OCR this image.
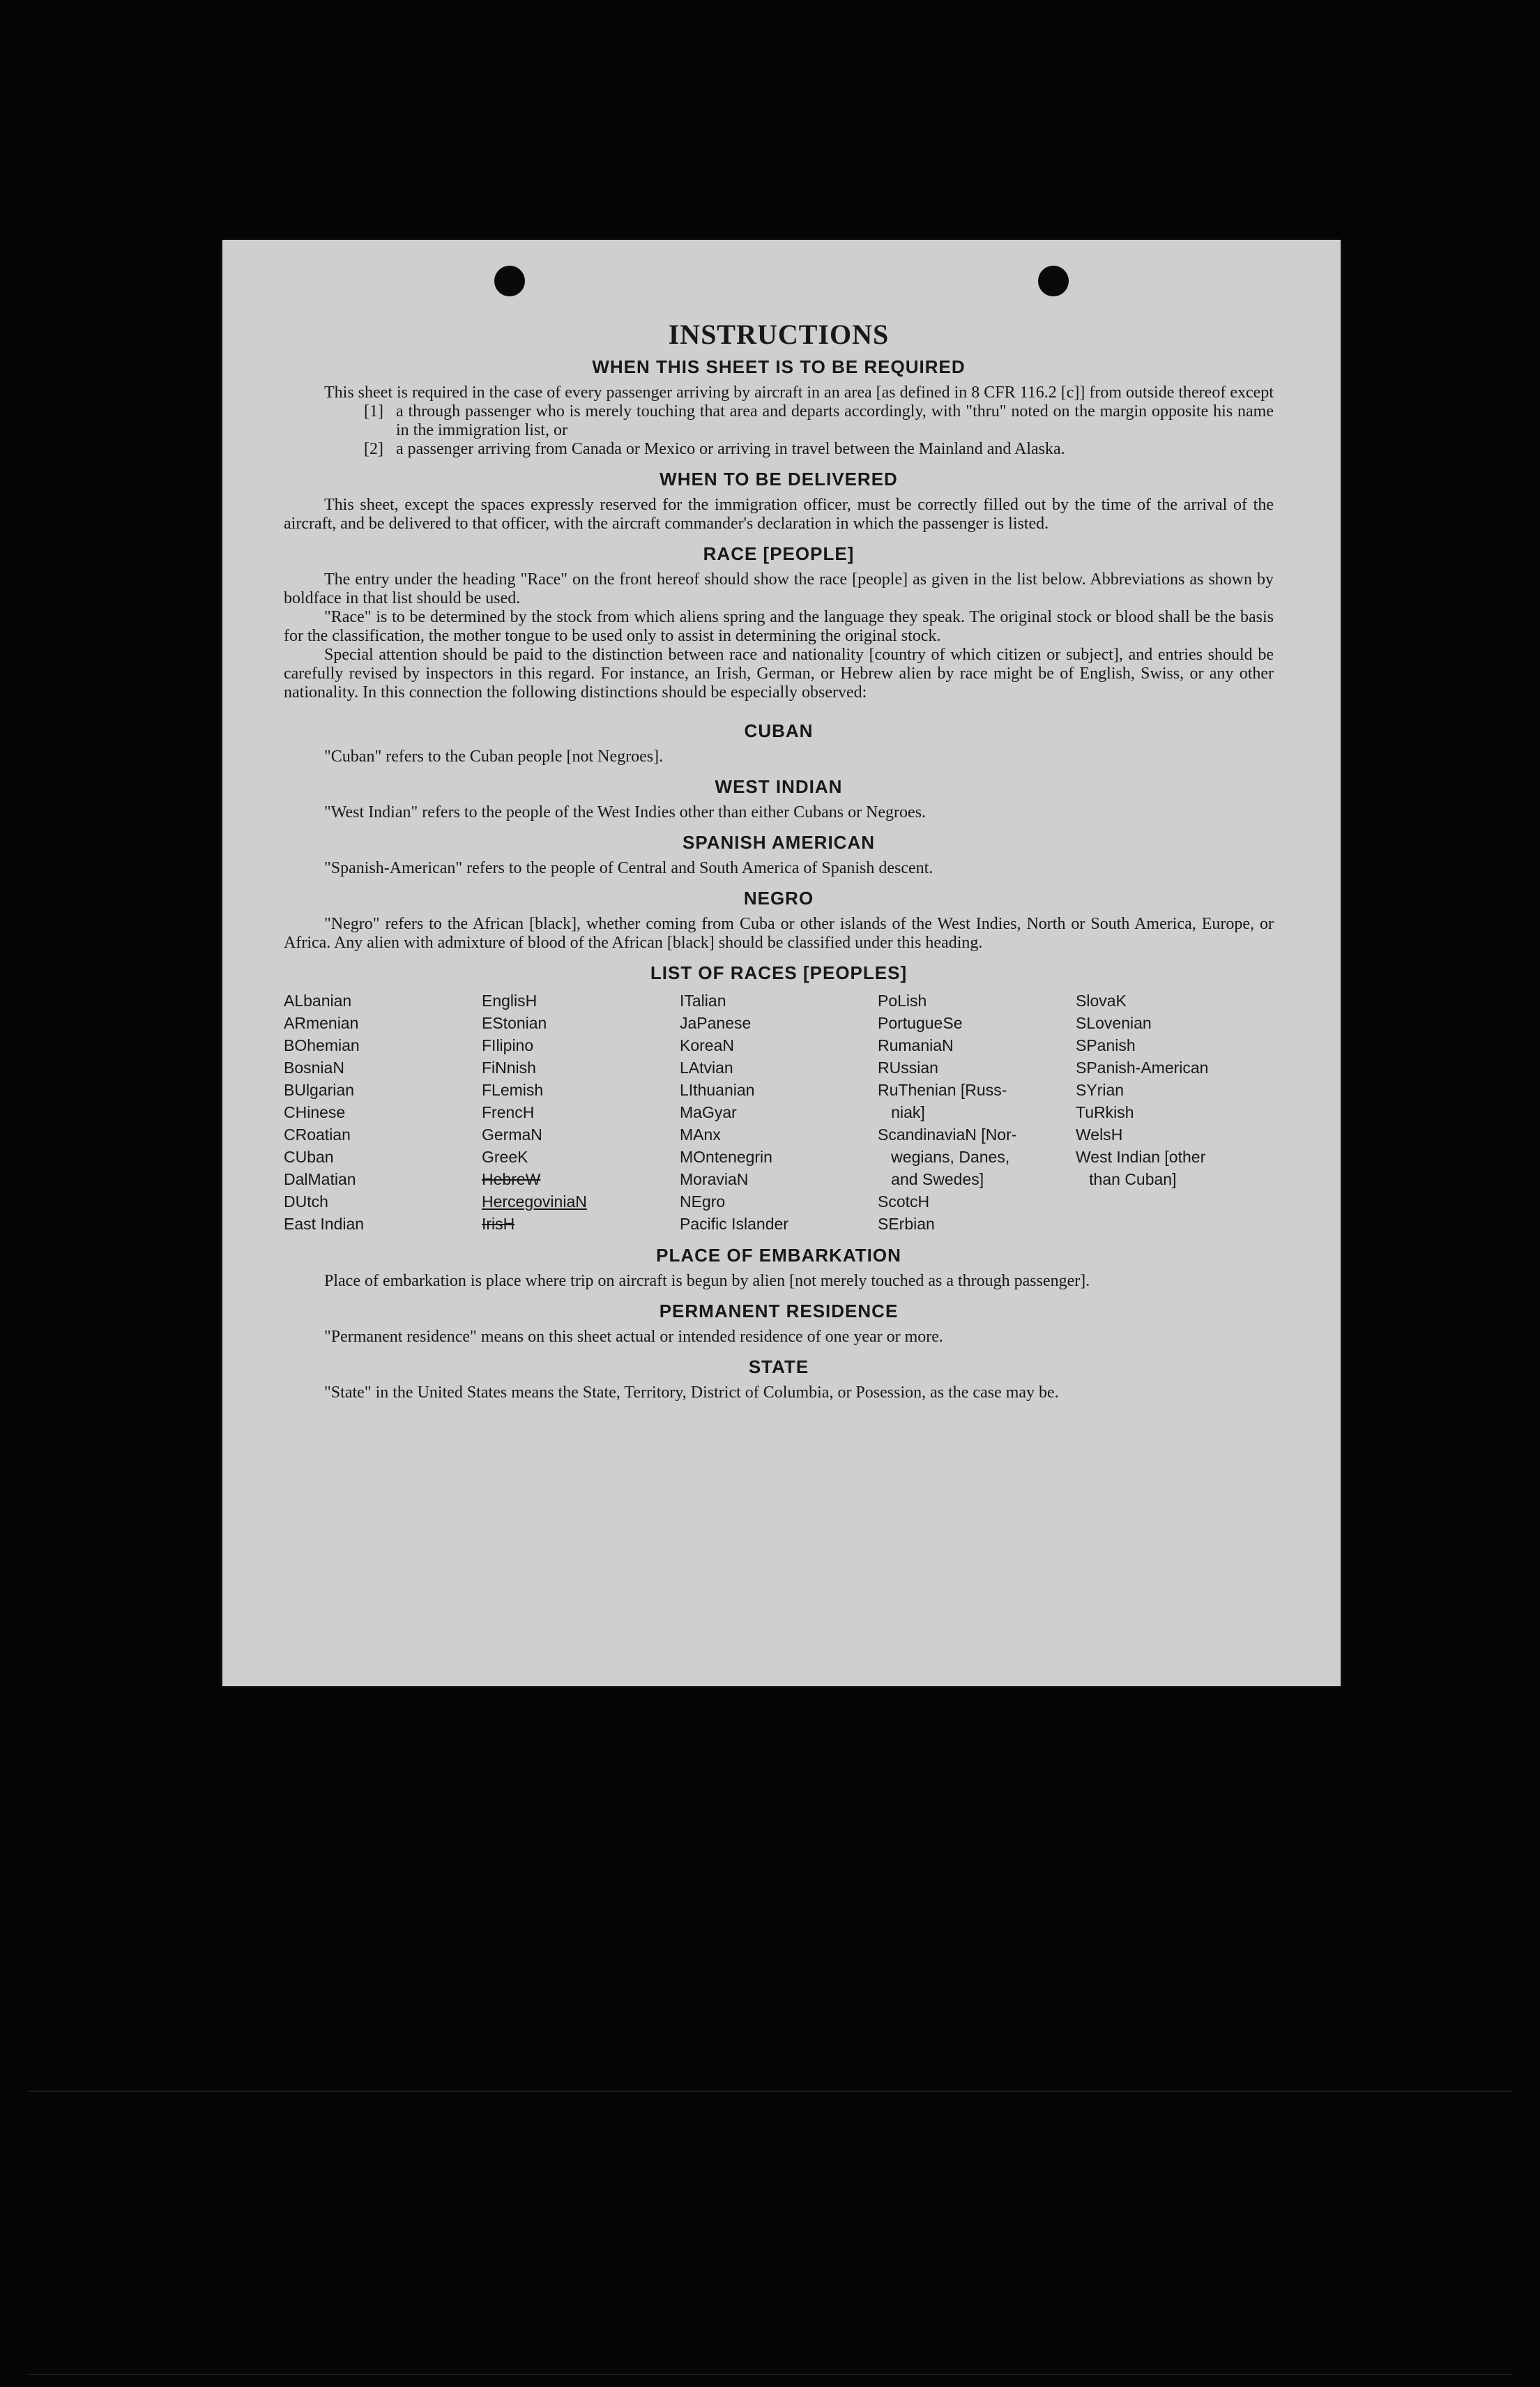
INSTRUCTIONS
WHEN THIS SHEET IS TO BE REQUIRED

This sheet is required in the case of every passenger arriving by aircraft in an area [as defined in 8 CFR 116.2 [c]] from outside thereof except

[1] a through passenger who is merely touching that area and departs accordingly, with "thru" noted on the margin opposite his name in the immigration list, or
[2] a passenger arriving from Canada or Mexico or arriving in travel between the Mainland and Alaska.
WHEN TO BE DELIVERED

This sheet, except the spaces expressly reserved for the immigration officer, must be correctly filled out by the time of the arrival of the aircraft, and be delivered to that officer, with the aircraft commander's declaration in which the passenger is listed.

RACE [PEOPLE]

The entry under the heading "Race" on the front hereof should show the race [people] as given in the list below. Abbreviations as shown by boldface in that list should be used.

"Race" is to be determined by the stock from which aliens spring and the language they speak. The original stock or blood shall be the basis for the classification, the mother tongue to be used only to assist in determining the original stock.

Special attention should be paid to the distinction between race and nationality [country of which citizen or subject], and entries should be carefully revised by inspectors in this regard. For instance, an Irish, German, or Hebrew alien by race might be of English, Swiss, or any other nationality. In this connection the following distinctions should be especially observed:

CUBAN

"Cuban" refers to the Cuban people [not Negroes].

WEST INDIAN

"West Indian" refers to the people of the West Indies other than either Cubans or Negroes.

SPANISH AMERICAN

"Spanish-American" refers to the people of Central and South America of Spanish descent.

NEGRO

"Negro" refers to the African [black], whether coming from Cuba or other islands of the West Indies, North or South America, Europe, or Africa. Any alien with admixture of blood of the African [black] should be classified under this heading.

LIST OF RACES [PEOPLES]
ALbanian
ARmenian
BOhemian
BosniaN
BUlgarian
CHinese
CRoatian
CUban
DalMatian
DUtch
East Indian
EnglisH
EStonian
FIlipino
FiNnish
FLemish
FrencH
GermaN
GreeK
HebreW
HercegoviniaN
IrisH
ITalian
JaPanese
KoreaN
LAtvian
LIthuanian
MaGyar
MAnx
MOntenegrin
MoraviaN
NEgro
Pacific Islander
PoLish
PortugueSe
RumaniaN
RUssian
RuThenian [Russ-
niak]
ScandinaviaN [Nor-
wegians, Danes,
and Swedes]
ScotcH
SErbian
SlovaK
SLovenian
SPanish
SPanish-American
SYrian
TuRkish
WelsH
West Indian [other
than Cuban]
PLACE OF EMBARKATION

Place of embarkation is place where trip on aircraft is begun by alien [not merely touched as a through passenger].

PERMANENT RESIDENCE

"Permanent residence" means on this sheet actual or intended residence of one year or more.

STATE

"State" in the United States means the State, Territory, District of Columbia, or Posession, as the case may be.
